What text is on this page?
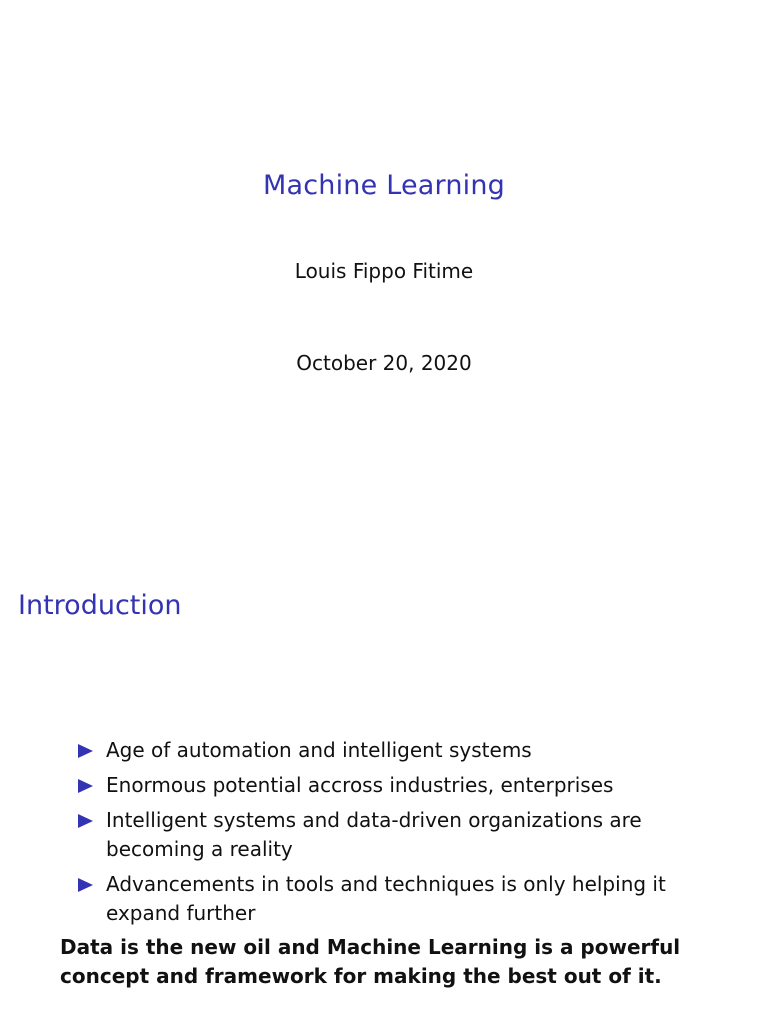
Machine Learning
Louis Fippo Fitime
October 20, 2020
Introduction
Age of automation and intelligent systems
Enormous potential accross industries, enterprises
Intelligent systems and data-driven organizations are becoming a reality
Advancements in tools and techniques is only helping it expand further
Data is the new oil and Machine Learning is a powerful concept and framework for making the best out of it.
